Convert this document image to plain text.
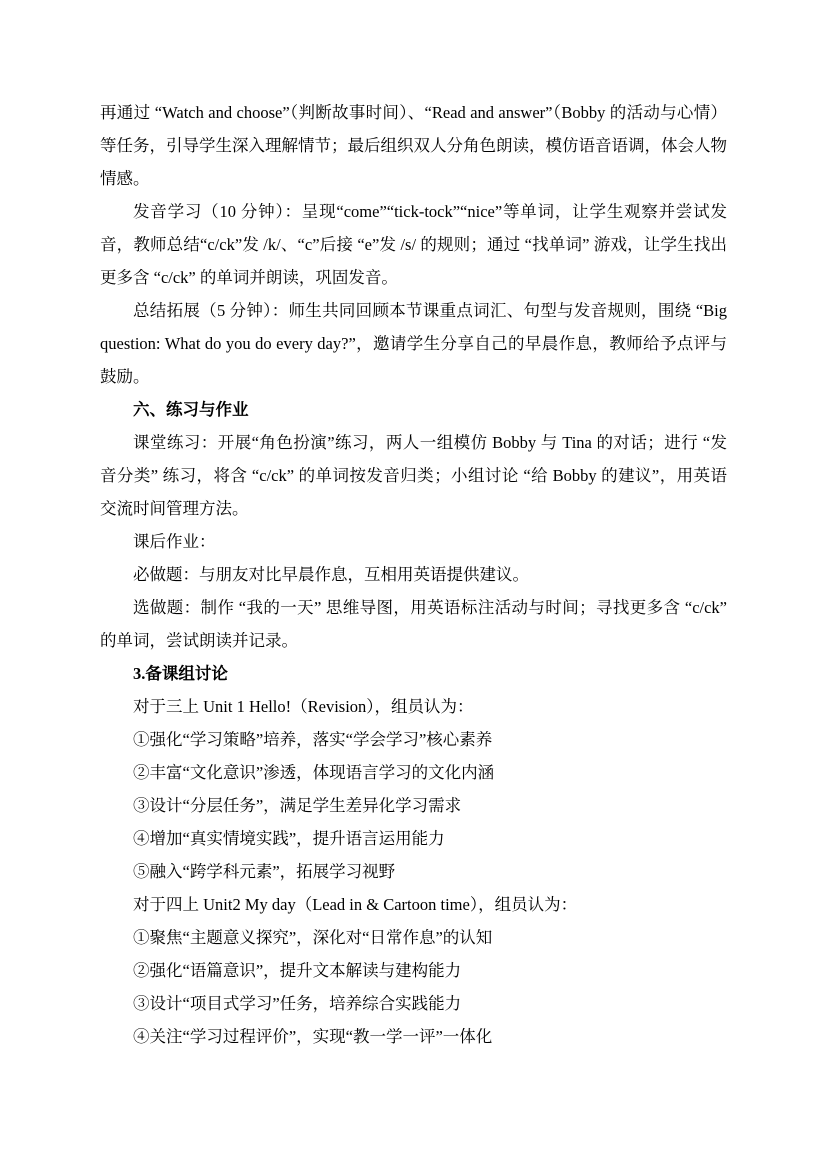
再通过 “Watch and choose”（判断故事时间）、“Read and answer”（Bobby 的活动与心情）等任务，引导学生深入理解情节；最后组织双人分角色朗读，模仿语音语调，体会人物情感。

发音学习（10 分钟）：呈现“come”“tick-tock”“nice”等单词，让学生观察并尝试发音，教师总结“c/ck”发 /k/、“c”后接 “e”发 /s/ 的规则；通过 “找单词” 游戏，让学生找出更多含 “c/ck” 的单词并朗读，巩固发音。

总结拓展（5 分钟）：师生共同回顾本节课重点词汇、句型与发音规则，围绕 “Big question: What do you do every day?”，邀请学生分享自己的早晨作息，教师给予点评与鼓励。

六、练习与作业

课堂练习：开展“角色扮演”练习，两人一组模仿 Bobby 与 Tina 的对话；进行 “发音分类” 练习，将含 “c/ck” 的单词按发音归类；小组讨论 “给 Bobby 的建议”，用英语交流时间管理方法。

课后作业：

必做题：与朋友对比早晨作息，互相用英语提供建议。

选做题：制作 “我的一天” 思维导图，用英语标注活动与时间；寻找更多含 “c/ck” 的单词，尝试朗读并记录。

3.备课组讨论

对于三上 Unit 1 Hello!（Revision），组员认为：

①强化“学习策略”培养，落实“学会学习”核心素养

②丰富“文化意识”渗透，体现语言学习的文化内涵

③设计“分层任务”，满足学生差异化学习需求

④增加“真实情境实践”，提升语言运用能力

⑤融入“跨学科元素”，拓展学习视野

对于四上 Unit2 My day（Lead in & Cartoon time），组员认为：

①聚焦“主题意义探究”，深化对“日常作息”的认知

②强化“语篇意识”，提升文本解读与建构能力

③设计“项目式学习”任务，培养综合实践能力

④关注“学习过程评价”，实现“教一学一评”一体化
